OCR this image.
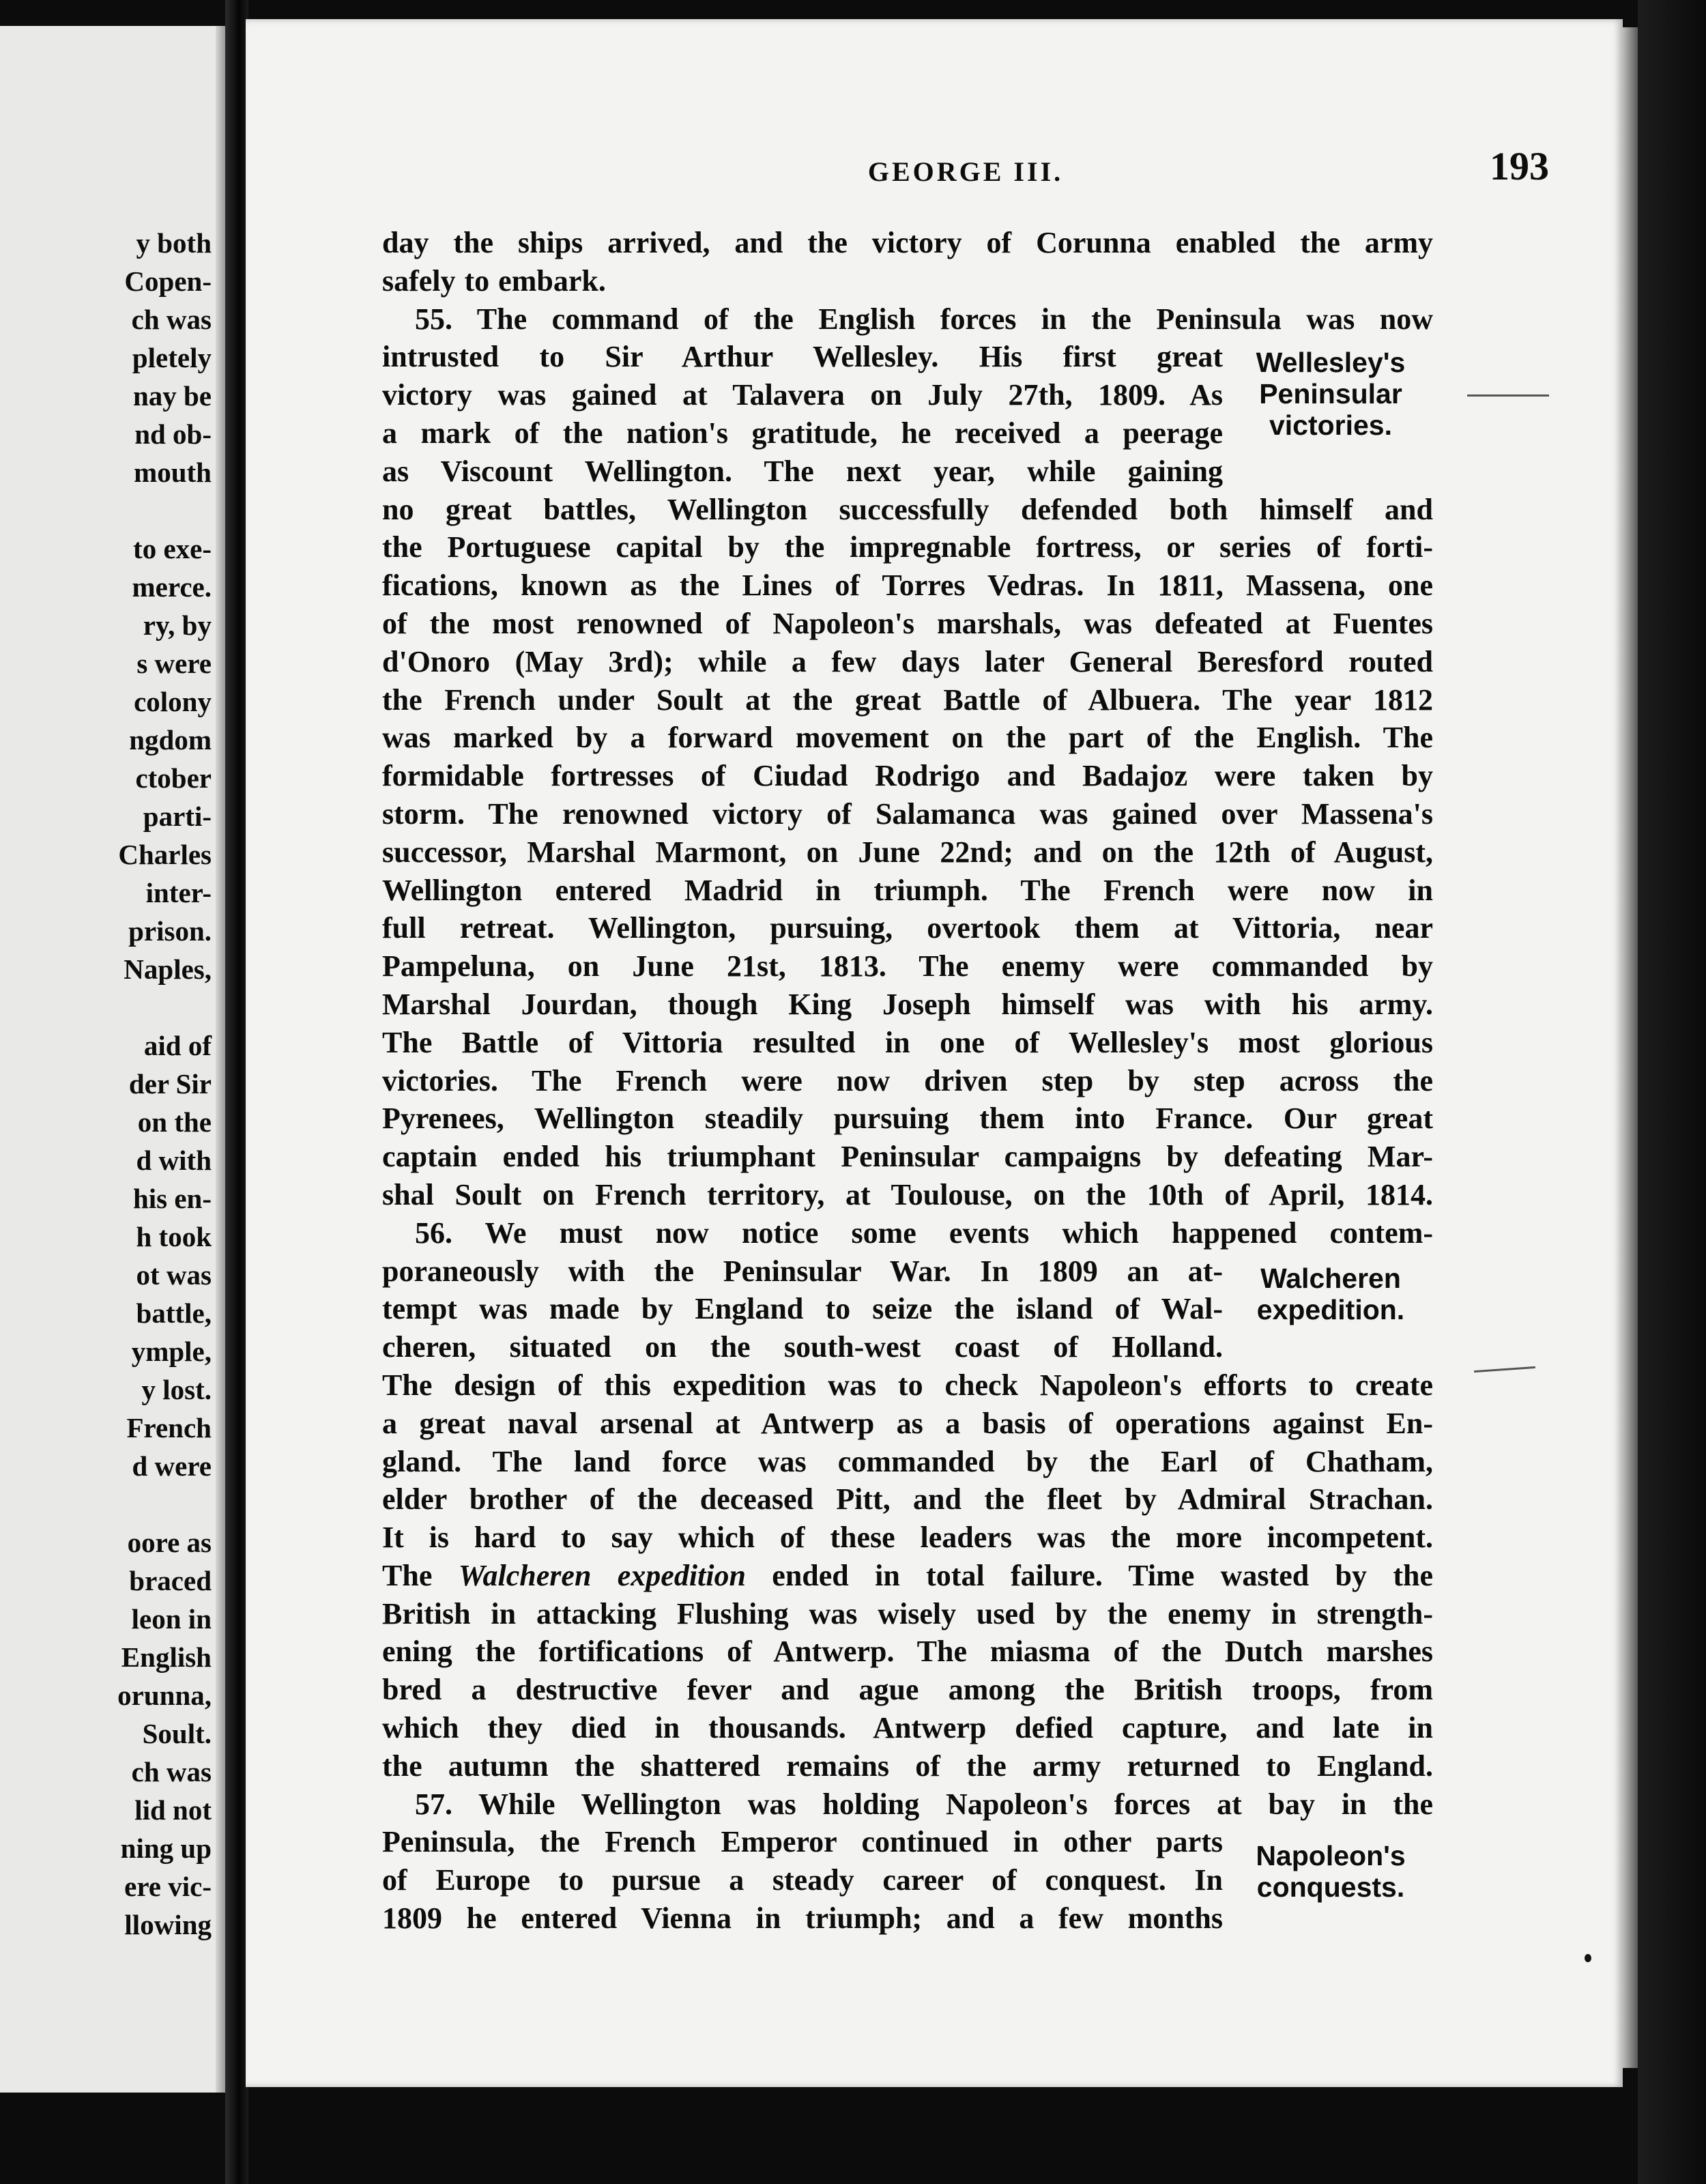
y both
Copen-
ch was
pletely
nay be
nd ob-
mouth
to exe-
merce.
ry, by
s were
colony
ngdom
ctober
parti-
Charles
inter-
prison.
Naples,
aid of
der Sir
on the
d with
his en-
h took
ot was
battle,
ymple,
y lost.
French
d were
oore as
braced
leon in
English
orunna,
Soult.
ch was
lid not
ning up
ere vic-
llowing
GEORGE III.	193
day the ships arrived, and the victory of Corunna enabled the army
safely to embark.
55. The command of the English forces in the Peninsula was now
intrusted to Sir Arthur Wellesley. His first great
victory was gained at Talavera on July 27th, 1809. As
a mark of the nation's gratitude, he received a peerage
as Viscount Wellington. The next year, while gaining
no great battles, Wellington successfully defended both himself and
the Portuguese capital by the impregnable fortress, or series of forti-
fications, known as the Lines of Torres Vedras. In 1811, Massena, one
of the most renowned of Napoleon's marshals, was defeated at Fuentes
d'Onoro (May 3rd); while a few days later General Beresford routed
the French under Soult at the great Battle of Albuera. The year 1812
was marked by a forward movement on the part of the English. The
formidable fortresses of Ciudad Rodrigo and Badajoz were taken by
storm. The renowned victory of Salamanca was gained over Massena's
successor, Marshal Marmont, on June 22nd; and on the 12th of August,
Wellington entered Madrid in triumph. The French were now in
full retreat. Wellington, pursuing, overtook them at Vittoria, near
Pampeluna, on June 21st, 1813. The enemy were commanded by
Marshal Jourdan, though King Joseph himself was with his army.
The Battle of Vittoria resulted in one of Wellesley's most glorious
victories. The French were now driven step by step across the
Pyrenees, Wellington steadily pursuing them into France. Our great
captain ended his triumphant Peninsular campaigns by defeating Mar-
shal Soult on French territory, at Toulouse, on the 10th of April, 1814.
56. We must now notice some events which happened contem-
poraneously with the Peninsular War. In 1809 an at-
tempt was made by England to seize the island of Wal-
cheren, situated on the south-west coast of Holland.
The design of this expedition was to check Napoleon's efforts to create
a great naval arsenal at Antwerp as a basis of operations against En-
gland. The land force was commanded by the Earl of Chatham,
elder brother of the deceased Pitt, and the fleet by Admiral Strachan.
It is hard to say which of these leaders was the more incompetent.
The Walcheren expedition ended in total failure. Time wasted by the
British in attacking Flushing was wisely used by the enemy in strength-
ening the fortifications of Antwerp. The miasma of the Dutch marshes
bred a destructive fever and ague among the British troops, from
which they died in thousands. Antwerp defied capture, and late in
the autumn the shattered remains of the army returned to England.
57. While Wellington was holding Napoleon's forces at bay in the
Peninsula, the French Emperor continued in other parts
of Europe to pursue a steady career of conquest. In
1809 he entered Vienna in triumph; and a few months
Wellesley's
Peninsular
victories.
Walcheren
expedition.
Napoleon's
conquests.
